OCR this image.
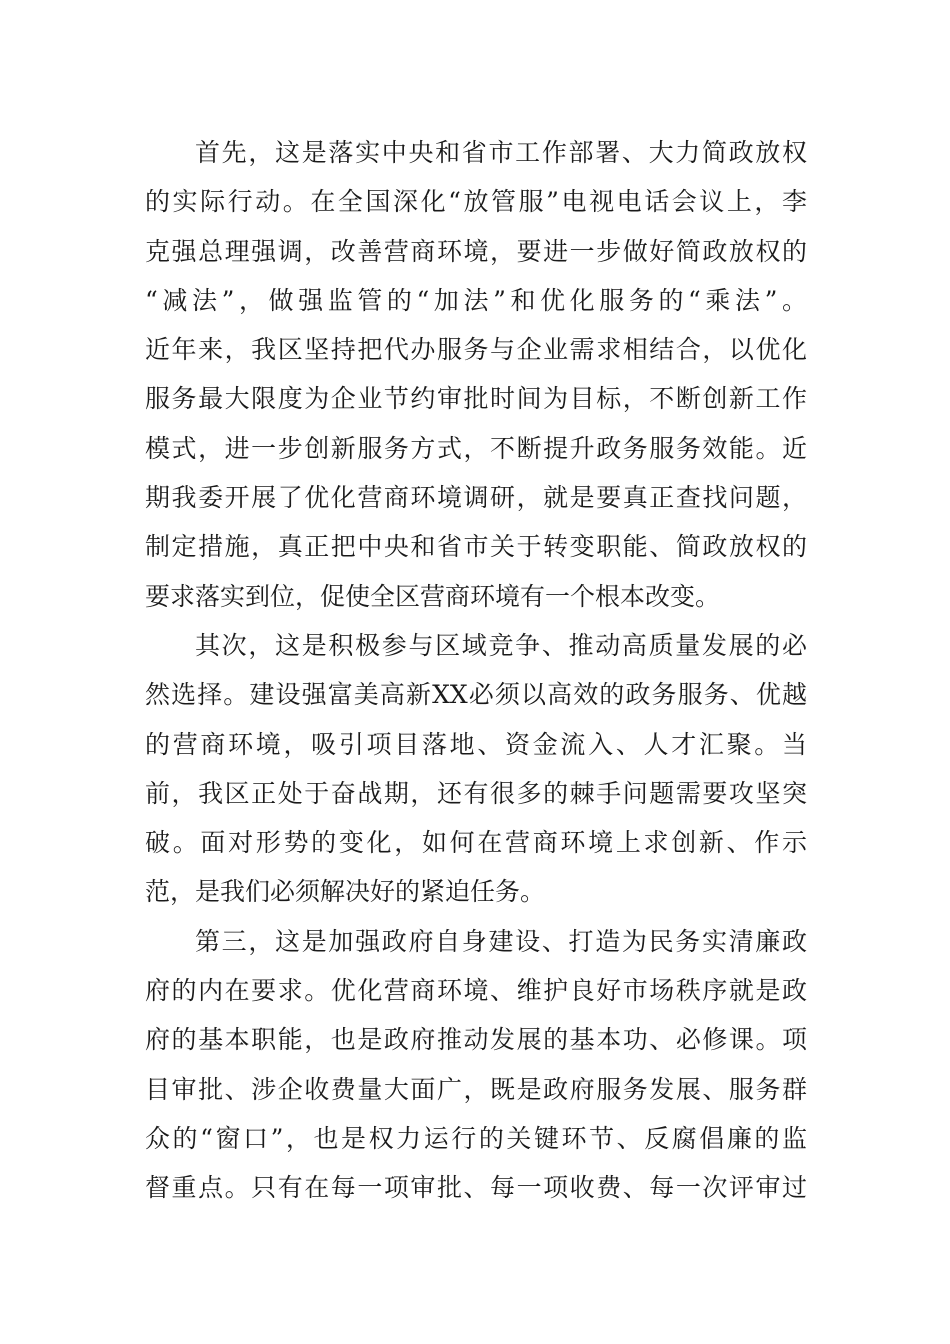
首先，这是落实中央和省市工作部署、大力简政放权
的实际行动。在全国深化“放管服”电视电话会议上，李
克强总理强调，改善营商环境，要进一步做好简政放权的
“减法”，做强监管的“加法”和优化服务的“乘法”。
近年来，我区坚持把代办服务与企业需求相结合，以优化
服务最大限度为企业节约审批时间为目标，不断创新工作
模式，进一步创新服务方式，不断提升政务服务效能。近
期我委开展了优化营商环境调研，就是要真正查找问题，
制定措施，真正把中央和省市关于转变职能、简政放权的
要求落实到位，促使全区营商环境有一个根本改变。
其次，这是积极参与区域竞争、推动高质量发展的必
然选择。建设强富美高新XX必须以高效的政务服务、优越
的营商环境，吸引项目落地、资金流入、人才汇聚。当
前，我区正处于奋战期，还有很多的棘手问题需要攻坚突
破。面对形势的变化，如何在营商环境上求创新、作示
范，是我们必须解决好的紧迫任务。
第三，这是加强政府自身建设、打造为民务实清廉政
府的内在要求。优化营商环境、维护良好市场秩序就是政
府的基本职能，也是政府推动发展的基本功、必修课。项
目审批、涉企收费量大面广，既是政府服务发展、服务群
众的“窗口”，也是权力运行的关键环节、反腐倡廉的监
督重点。只有在每一项审批、每一项收费、每一次评审过
